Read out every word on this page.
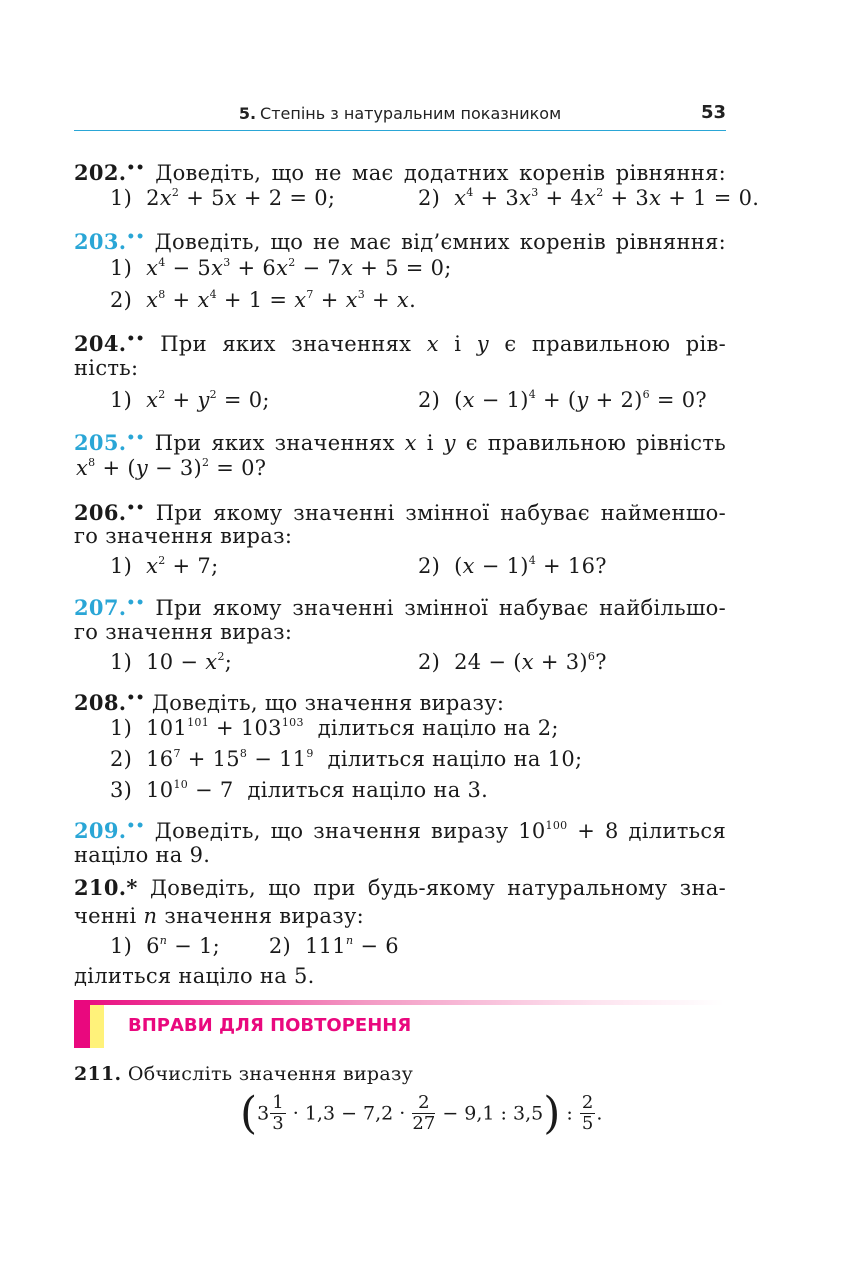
5. Степінь з натуральним показником	53
202.•• Доведіть, що не має додатних коренів рівняння:
1)  $2x^2 + 5x + 2 = 0$;	2)  $x^4 + 3x^3 + 4x^2 + 3x + 1 = 0$.
203.•• Доведіть, що не має від’ємних коренів рівняння:
1)  $x^4 - 5x^3 + 6x^2 - 7x + 5 = 0$;
2)  $x^8 + x^4 + 1 = x^7 + x^3 + x$.
204.•• При яких значеннях x і y є правильною рів-
ність:
1)  $x^2 + y^2 = 0$;	2)  $(x - 1)^4 + (y + 2)^6 = 0$?
205.•• При яких значеннях x і y є правильною рівність
$x^8 + (y - 3)^2 = 0$?
206.•• При якому значенні змінної набуває найменшо-
го значення вираз:
1)  $x^2 + 7$;	2)  $(x - 1)^4 + 16$?
207.•• При якому значенні змінної набуває найбільшо-
го значення вираз:
1)  $10 - x^2$;	2)  $24 - (x + 3)^6$?
208.•• Доведіть, що значення виразу:
1)  $101^{101} + 103^{103}$ ділиться націло на 2;
2)  $16^7 + 15^8 - 11^9$ ділиться націло на 10;
3)  $10^{10} - 7$  ділиться націло на 3.
209.•• Доведіть, що значення виразу $10^{100} + 8$ ділиться
націло на 9.
210.* Доведіть, що при будь-якому натуральному зна-
ченні n значення виразу:
1)  $6^n - 1$;       2)  $111^n - 6$
ділиться націло на 5.
ВПРАВИ ДЛЯ ПОВТОРЕННЯ
211. Обчисліть значення виразу
($3 \frac{1}{3} \cdot 1,3 - 7,2 \cdot \frac{2}{27} - 9,1$ : 3,5) : $\frac{2}{5}$ .
